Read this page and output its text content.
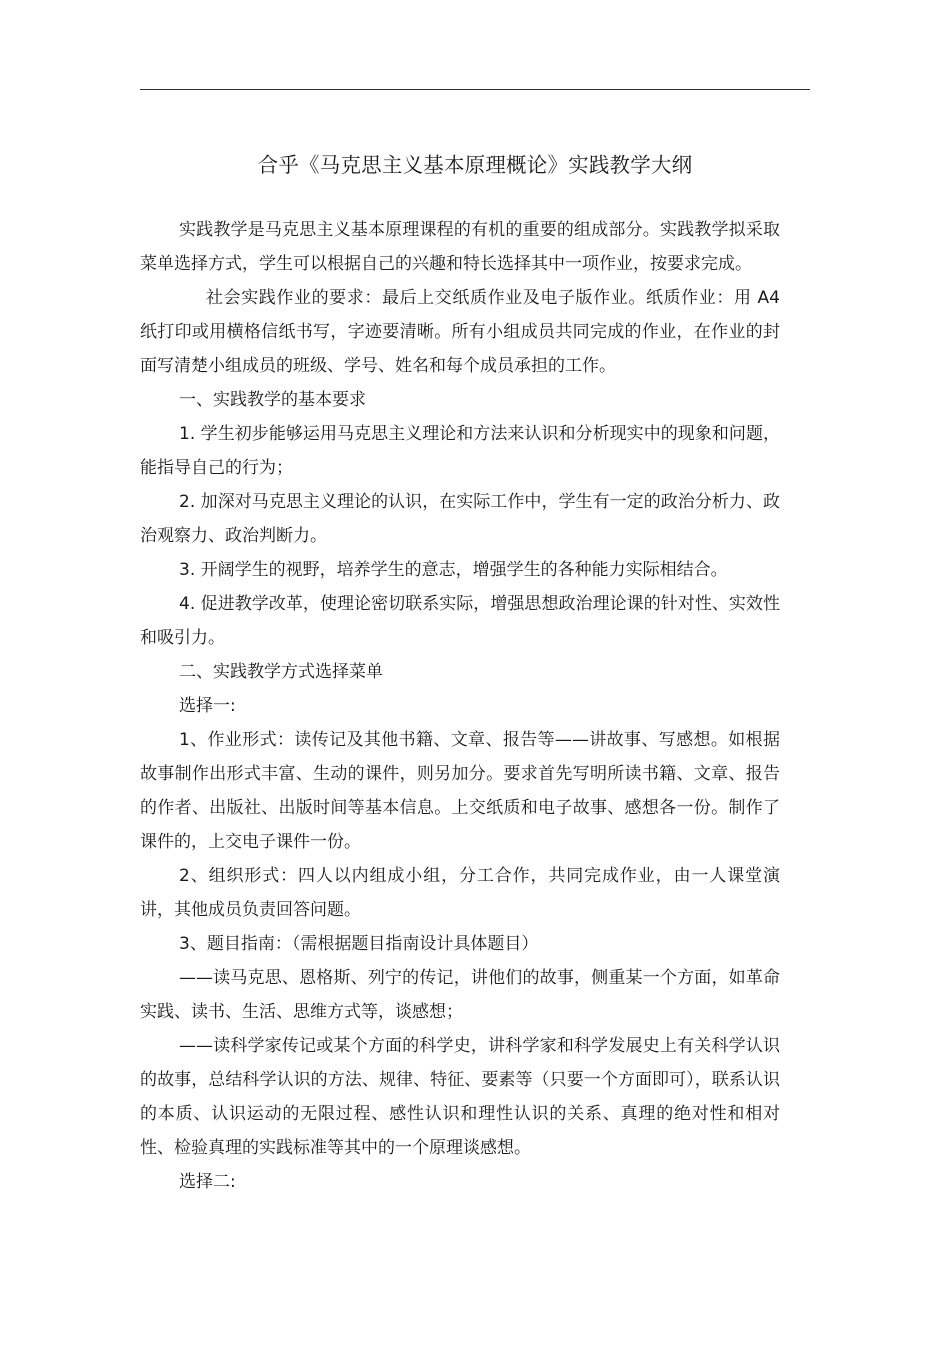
合乎《马克思主义基本原理概论》实践教学大纲

实践教学是马克思主义基本原理课程的有机的重要的组成部分。实践教学拟采取菜单选择方式，学生可以根据自己的兴趣和特长选择其中一项作业，按要求完成。

社会实践作业的要求：最后上交纸质作业及电子版作业。纸质作业：用 A4 纸打印或用横格信纸书写，字迹要清晰。所有小组成员共同完成的作业，在作业的封面写清楚小组成员的班级、学号、姓名和每个成员承担的工作。

一、实践教学的基本要求

1. 学生初步能够运用马克思主义理论和方法来认识和分析现实中的现象和问题，能指导自己的行为；

2. 加深对马克思主义理论的认识，在实际工作中，学生有一定的政治分析力、政治观察力、政治判断力。

3. 开阔学生的视野，培养学生的意志，增强学生的各种能力实际相结合。

4. 促进教学改革，使理论密切联系实际，增强思想政治理论课的针对性、实效性和吸引力。

二、实践教学方式选择菜单

选择一:

1、作业形式：读传记及其他书籍、文章、报告等——讲故事、写感想。如根据故事制作出形式丰富、生动的课件，则另加分。要求首先写明所读书籍、文章、报告的作者、出版社、出版时间等基本信息。上交纸质和电子故事、感想各一份。制作了课件的，上交电子课件一份。

2、组织形式：四人以内组成小组，分工合作，共同完成作业，由一人课堂演讲，其他成员负责回答问题。

3、题目指南：（需根据题目指南设计具体题目）

——读马克思、恩格斯、列宁的传记，讲他们的故事，侧重某一个方面，如革命实践、读书、生活、思维方式等，谈感想；

——读科学家传记或某个方面的科学史，讲科学家和科学发展史上有关科学认识的故事，总结科学认识的方法、规律、特征、要素等（只要一个方面即可），联系认识的本质、认识运动的无限过程、感性认识和理性认识的关系、真理的绝对性和相对性、检验真理的实践标准等其中的一个原理谈感想。

选择二:
